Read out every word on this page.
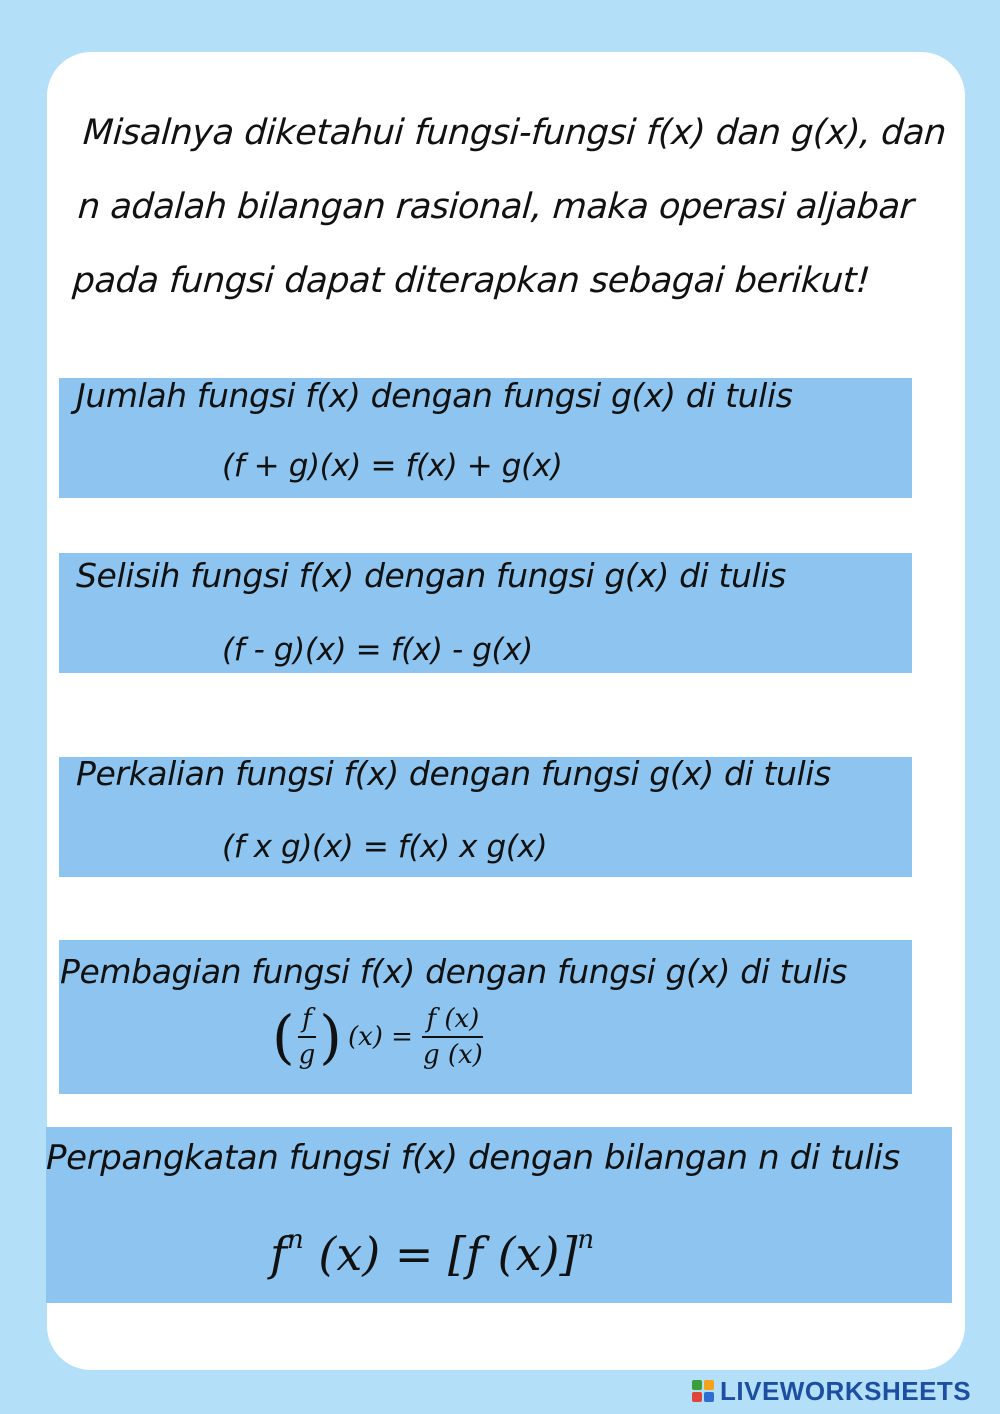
Misalnya diketahui fungsi-fungsi f(x) dan g(x), dan
n adalah bilangan rasional, maka operasi aljabar
pada fungsi dapat diterapkan sebagai berikut!
Jumlah fungsi f(x) dengan fungsi g(x) di tulis
(f + g)(x) = f(x) + g(x)
Selisih fungsi f(x) dengan fungsi g(x) di tulis
(f - g)(x) = f(x) - g(x)
Perkalian fungsi f(x) dengan fungsi g(x) di tulis
(f x g)(x) = f(x) x g(x)
Pembagian fungsi f(x) dengan fungsi g(x) di tulis
( $\frac{f}{g}$ ) $(x) = \frac{f (x)}{g (x)}$
Perpangkatan fungsi f(x) dengan bilangan n di tulis
$f^n$ (x) = [f (x)]$^n$
LIVEWORKSHEETS
